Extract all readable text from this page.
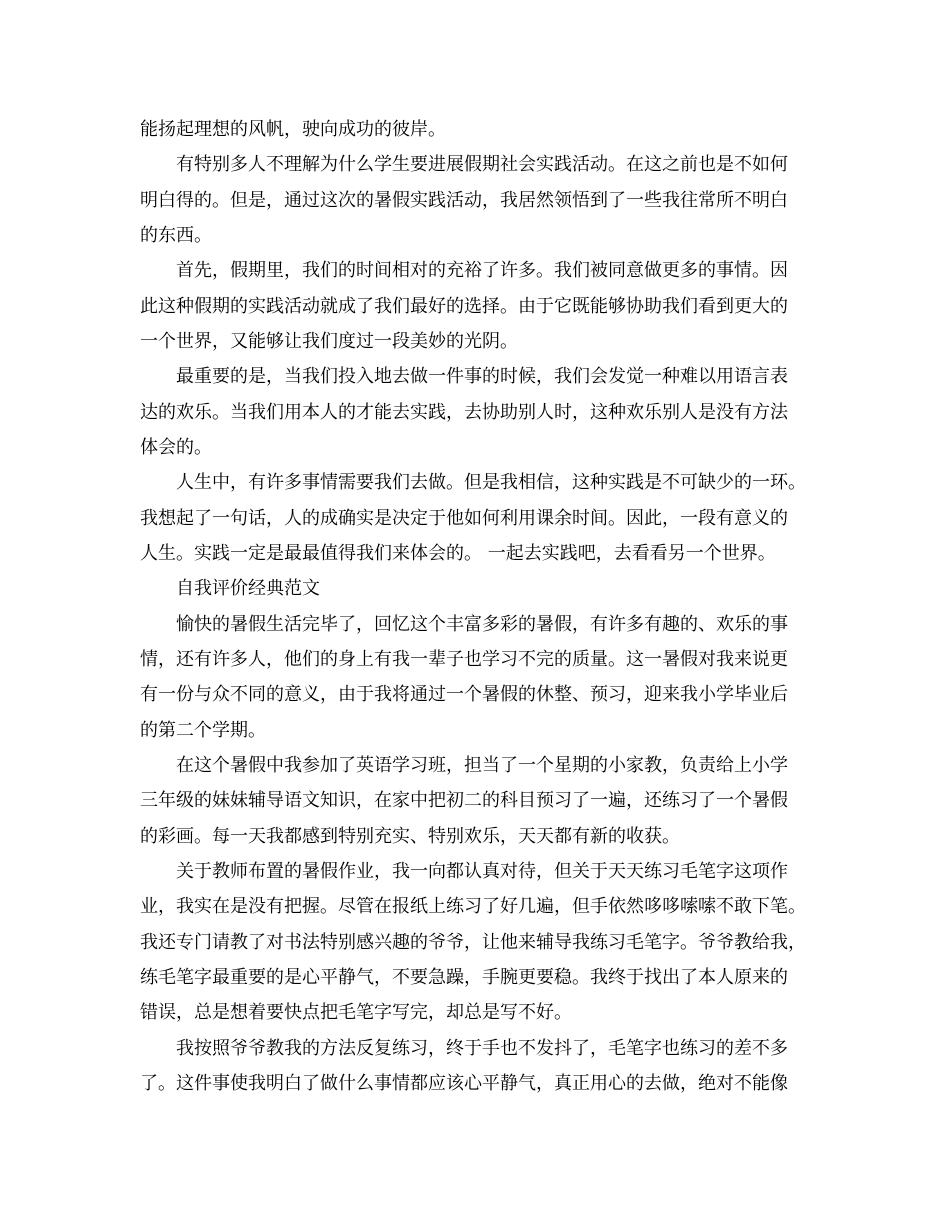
能扬起理想的风帆，驶向成功的彼岸。

有特别多人不理解为什么学生要进展假期社会实践活动。在这之前也是不如何

明白得的。但是，通过这次的暑假实践活动，我居然领悟到了一些我往常所不明白

的东西。

首先，假期里，我们的时间相对的充裕了许多。我们被同意做更多的事情。因

此这种假期的实践活动就成了我们最好的选择。由于它既能够协助我们看到更大的

一个世界，又能够让我们度过一段美妙的光阴。

最重要的是，当我们投入地去做一件事的时候，我们会发觉一种难以用语言表

达的欢乐。当我们用本人的才能去实践，去协助别人时，这种欢乐别人是没有方法

体会的。

人生中，有许多事情需要我们去做。但是我相信，这种实践是不可缺少的一环。

我想起了一句话，人的成确实是决定于他如何利用课余时间。因此，一段有意义的

人生。实践一定是最最值得我们来体会的。 一起去实践吧，去看看另一个世界。

自我评价经典范文

愉快的暑假生活完毕了，回忆这个丰富多彩的暑假，有许多有趣的、欢乐的事

情，还有许多人，他们的身上有我一辈子也学习不完的质量。这一暑假对我来说更

有一份与众不同的意义，由于我将通过一个暑假的休整、预习，迎来我小学毕业后

的第二个学期。

在这个暑假中我参加了英语学习班，担当了一个星期的小家教，负责给上小学

三年级的妹妹辅导语文知识，在家中把初二的科目预习了一遍，还练习了一个暑假

的彩画。每一天我都感到特别充实、特别欢乐，天天都有新的收获。

关于教师布置的暑假作业，我一向都认真对待，但关于天天练习毛笔字这项作

业，我实在是没有把握。尽管在报纸上练习了好几遍，但手依然哆哆嗦嗦不敢下笔。

我还专门请教了对书法特别感兴趣的爷爷，让他来辅导我练习毛笔字。爷爷教给我，

练毛笔字最重要的是心平静气，不要急躁，手腕更要稳。我终于找出了本人原来的

错误，总是想着要快点把毛笔字写完，却总是写不好。

我按照爷爷教我的方法反复练习，终于手也不发抖了，毛笔字也练习的差不多

了。这件事使我明白了做什么事情都应该心平静气，真正用心的去做，绝对不能像
